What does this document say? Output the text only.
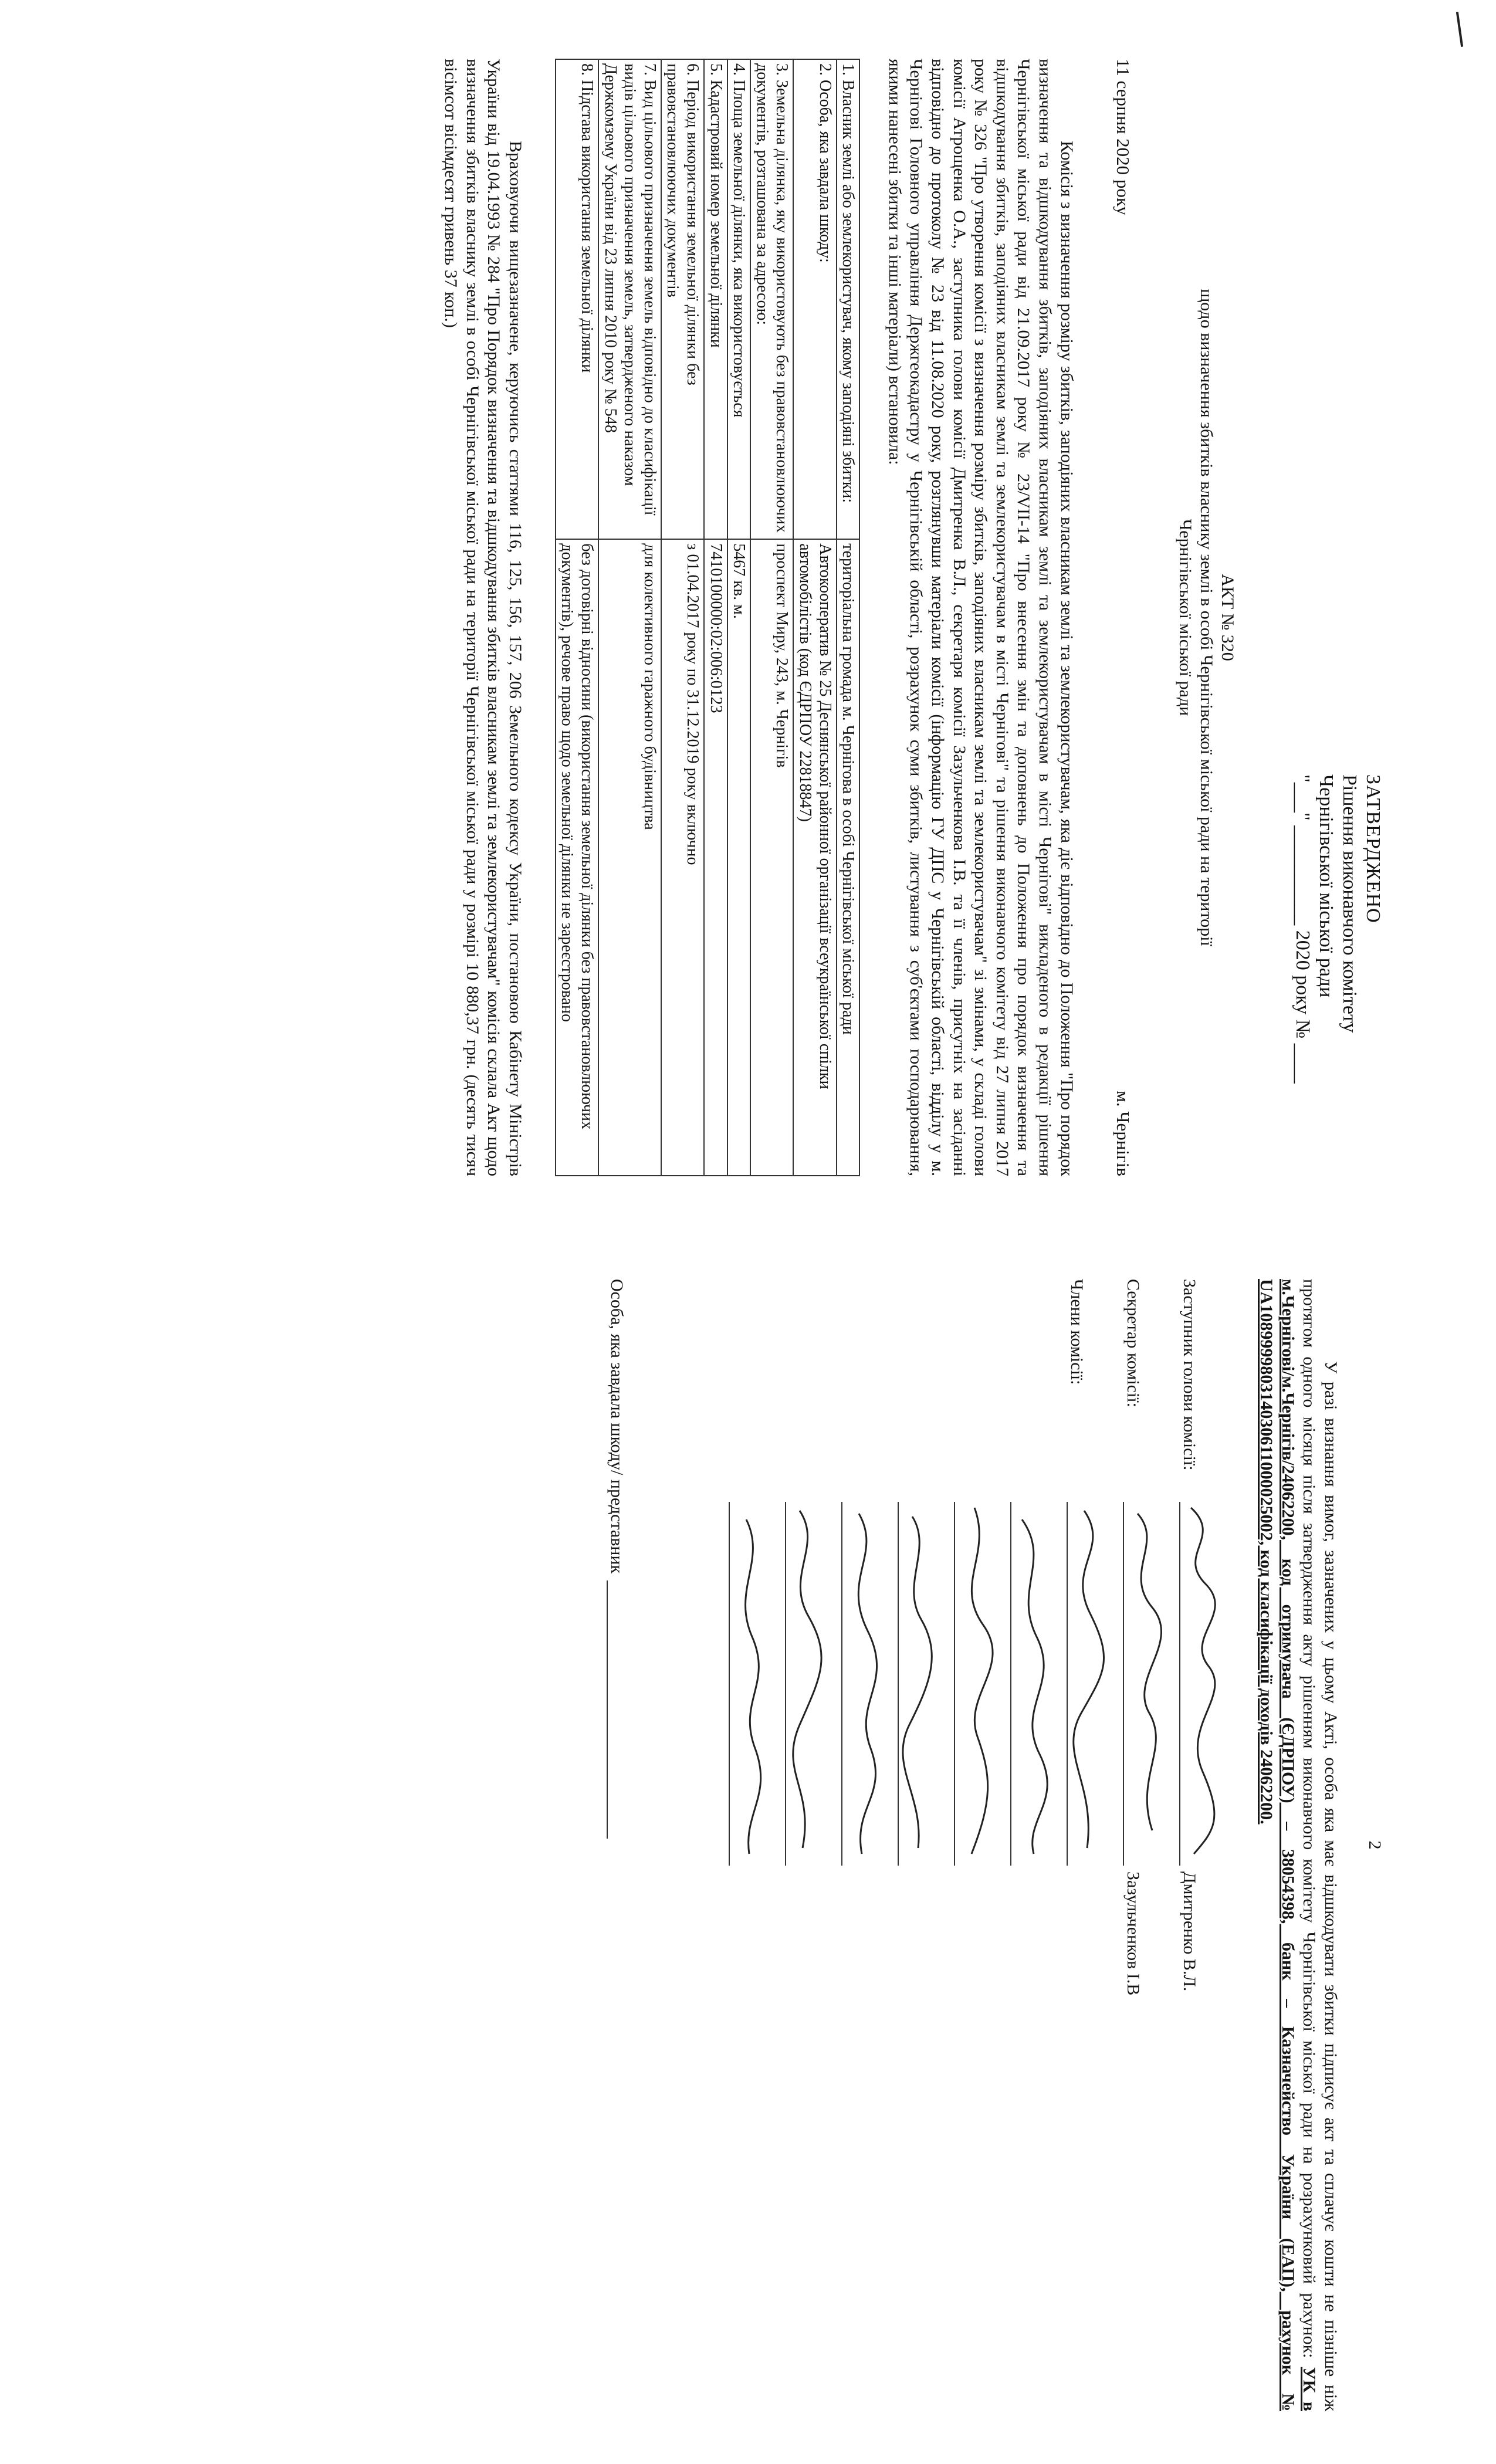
ЗАТВЕРДЖЕНО
Рішення виконавчого комітету
Чернігівської міської ради
"___" __________ 2020 року № ____
АКТ № 320
щодо визначення збитків власнику землі в особі Чернігівської міської ради на території
Чернігівської міської ради
11 серпня 2020 року
м. Чернігів
Комісія з визначення розміру збитків, заподіяних власникам землі та землекористувачам, яка діє відповідно до Положення "Про порядок визначення та відшкодування збитків, заподіяних власникам землі та землекористувачам в місті Чернігові" викладеного в редакції рішення Чернігівської міської ради від 21.09.2017 року № 23/VII-14 "Про внесення змін та доповнень до Положення про порядок визначення та відшкодування збитків, заподіяних власникам землі та землекористувачам в місті Чернігові" та рішення виконавчого комітету від 27 липня 2017 року № 326 "Про утворення комісії з визначення розміру збитків, заподіяних власникам землі та землекористувачам" зі змінами, у складі голови комісії Атрощенка О.А., заступника голови комісії Дмитренка В.Л., секретаря комісії Зазульченкова І.В. та її членів, присутніх на засіданні відповідно до протоколу № 23 від 11.08.2020 року, розглянувши матеріали комісії (інформацію ГУ ДПС у Чернігівській області, відділу у м. Чернігові Головного управління Держгеокадастру у Чернігівській області, розрахунок суми збитків, листування з суб'єктами господарювання, якими нанесені збитки та інші матеріали) встановила:
1. Власник землі або землекористувач, якому заподіяні збитки:	територіальна громада м. Чернігова в особі Чернігівської міської ради
2. Особа, яка завдала шкоду:	Автокооператив № 25 Деснянської районної організації всеукраїнської спілки автомобілістів (код ЄДРПОУ 22818847)
3. Земельна ділянка, яку використовують без правовстановлюючих документів, розташована за адресою:	проспект Миру, 243, м. Чернігів
4. Площа земельної ділянки, яка використовується	5467 кв. м.
5. Кадастровий номер земельної ділянки	7410100000:02:006:0123
6. Період використання земельної ділянки без правовстановлюючих документів	з 01.04.2017 року по 31.12.2019 року включно
7. Вид цільового призначення земель відповідно до класифікації видів цільового призначення земель, затвердженого наказом Держкомзему України від 23 липня 2010 року № 548	для колективного гаражного будівництва
8. Підстава використання земельної ділянки	без договірні відносини (використання земельної ділянки без правовстановлюючих документів), речове право щодо земельної ділянки не зареєстровано
Враховуючи вищезазначене, керуючись статтями 116, 125, 156, 157, 206 Земельного кодексу України, постановою Кабінету Міністрів України від 19.04.1993 № 284 "Про Порядок визначення та відшкодування збитків власникам землі та землекористувачам" комісія склала Акт щодо визначення збитків власнику землі в особі Чернігівської міської ради на території Чернігівської міської ради у розмірі 10 880,37 грн. (десять тисяч вісімсот вісімдесят гривень 37 коп.)
2
У разі визнання вимог, зазначених у цьому Акті, особа яка має відшкодувати збитки підписує акт та сплачує кошти не пізніше ніж протягом одного місяця після затвердження акту рішенням виконавчого комітету Чернігівської міської ради на розрахунковий рахунок: УК в м.Чернігові/м.Чернігів/24062200, код отримувача (ЄДРПОУ) – 38054398, банк – Казначейство України (ЕАП), рахунок № UA108999980314030611000025002, код класифікації доходів 24062200.
Заступник голови комісії:
Дмитренко В.Л.
Секретар комісії:
Зазульченков І.В
Члени комісії:
Особа, яка завдала шкоду/ представник
